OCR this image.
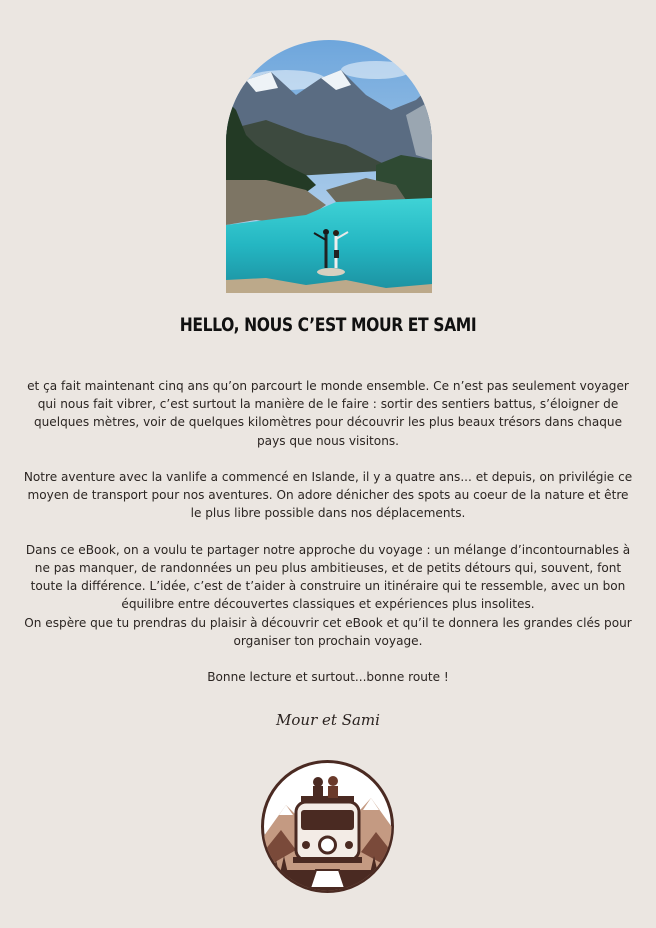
HELLO, NOUS C’EST MOUR ET SAMI

et ça fait maintenant cinq ans qu’on parcourt le monde ensemble. Ce n’est pas seulement voyager qui nous fait vibrer, c’est surtout la manière de le faire : sortir des sentiers battus, s’éloigner de quelques mètres, voir de quelques kilomètres pour découvrir les plus beaux trésors dans chaque pays que nous visitons.

Notre aventure avec la vanlife a commencé en Islande, il y a quatre ans... et depuis, on privilégie ce moyen de transport pour nos aventures. On adore dénicher des spots au coeur de la nature et être le plus libre possible dans nos déplacements.

Dans ce eBook, on a voulu te partager notre approche du voyage : un mélange d’incontournables à ne pas manquer, de randonnées un peu plus ambitieuses, et de petits détours qui, souvent, font toute la différence. L’idée, c’est de t’aider à construire un itinéraire qui te ressemble, avec un bon équilibre entre découvertes classiques et expériences plus insolites.

On espère que tu prendras du plaisir à découvrir cet eBook et qu’il te donnera les grandes clés pour organiser ton prochain voyage.

Bonne lecture et surtout...bonne route !

Mour et Sami
